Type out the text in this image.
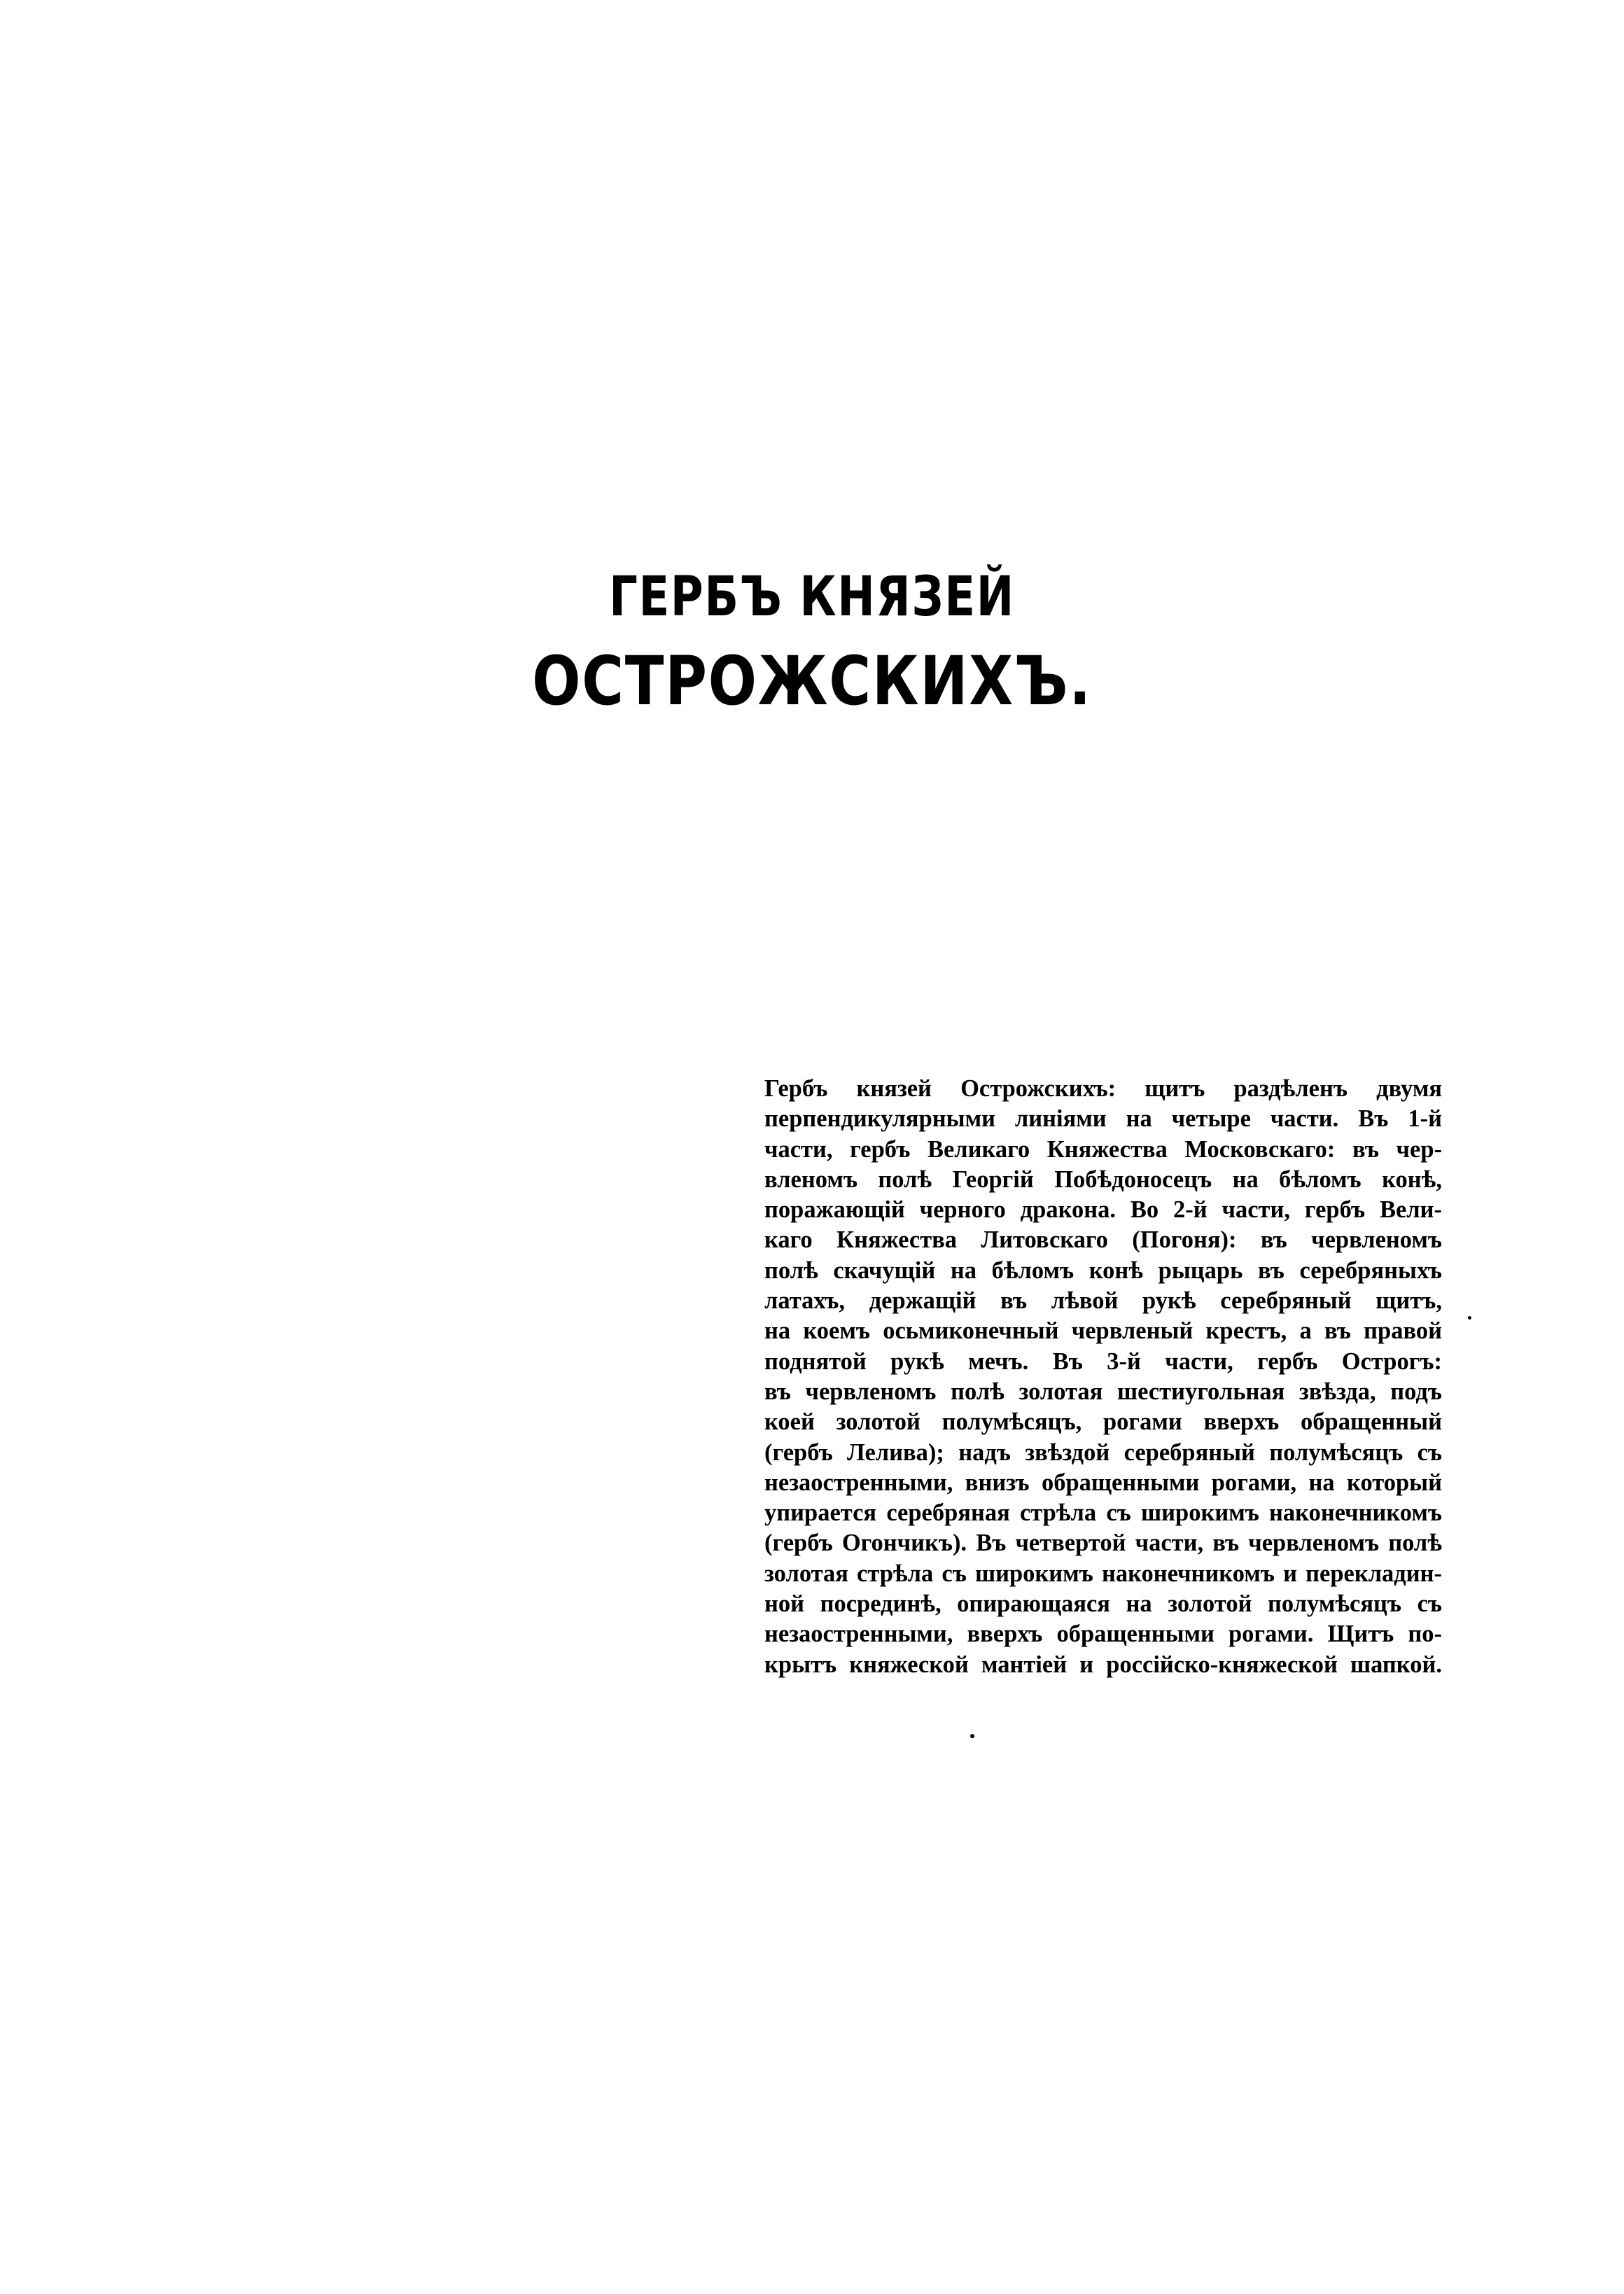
ГЕРБЪ КНЯЗЕЙ
ОСТРОЖСКИХЪ.
Гербъ князей Острожскихъ: щитъ раздѣленъ двумя
перпендикулярными линіями на четыре части. Въ 1-й
части, гербъ Великаго Княжества Московскаго: въ чер-
вленомъ полѣ Георгій Побѣдоносецъ на бѣломъ конѣ,
поражающій черного дракона. Во 2-й части, гербъ Вели-
каго Княжества Литовскаго (Погоня): въ червленомъ
полѣ скачущій на бѣломъ конѣ рыцарь въ серебряныхъ
латахъ, держащій въ лѣвой рукѣ серебряный щитъ,
на коемъ осьмиконечный червленый крестъ, а въ правой
поднятой рукѣ мечъ. Въ 3-й части, гербъ Острогъ:
въ червленомъ полѣ золотая шестиугольная звѣзда, подъ
коей золотой полумѣсяцъ, рогами вверхъ обращенный
(гербъ Лелива); надъ звѣздой серебряный полумѣсяцъ съ
незаостренными, внизъ обращенными рогами, на который
упирается серебряная стрѣла съ широкимъ наконечникомъ
(гербъ Огончикъ). Въ четвертой части, въ червленомъ полѣ
золотая стрѣла съ широкимъ наконечникомъ и перекладин-
ной посрединѣ, опирающаяся на золотой полумѣсяцъ съ
незаостренными, вверхъ обращенными рогами. Щитъ по-
крытъ княжеской мантіей и россійско-княжеской шапкой.
